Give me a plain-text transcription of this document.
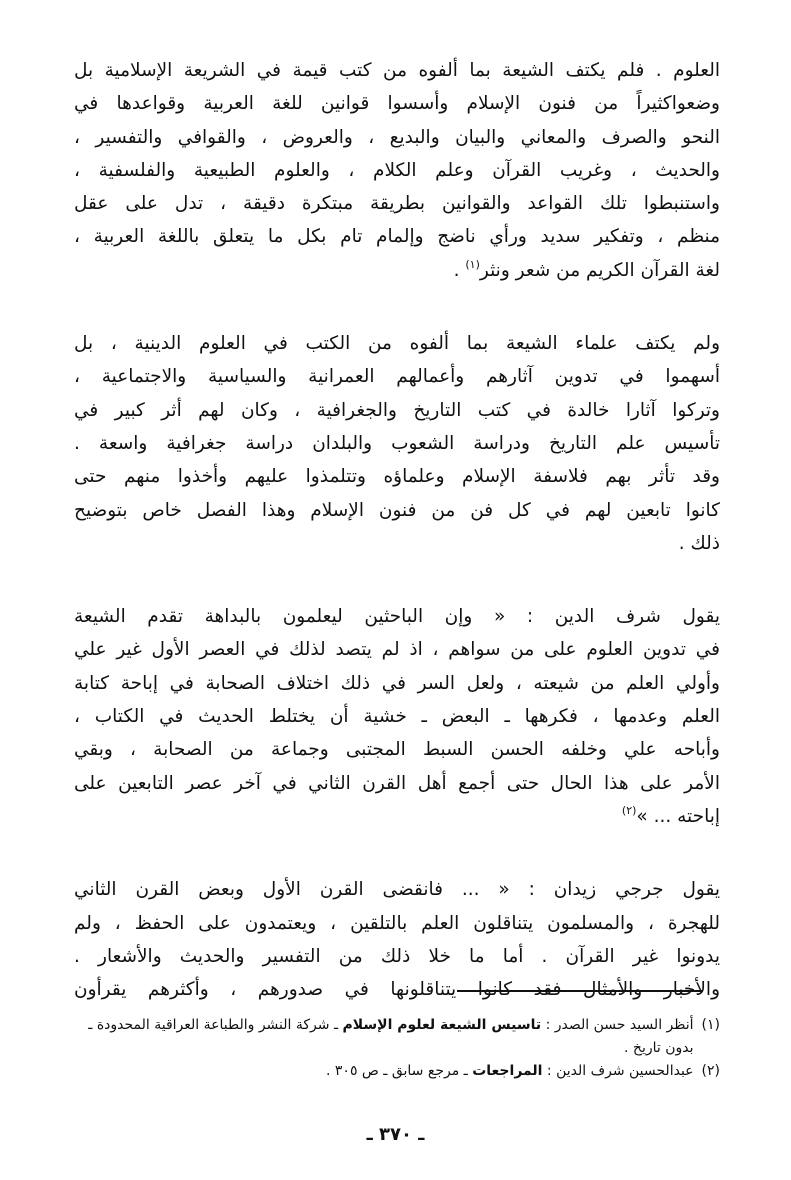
العلوم . فلم يكتف الشيعة بما ألفوه من كتب قيمة في الشريعة الإسلامية بل
وضعواكثيراً من فنون الإسلام وأسسوا قوانين للغة العربية وقواعدها في
النحو والصرف والمعاني والبيان والبديع ، والعروض ، والقوافي والتفسير ،
والحديث ، وغريب القرآن وعلم الكلام ، والعلوم الطبيعية والفلسفية ،
واستنبطوا تلك القواعد والقوانين بطريقة مبتكرة دقيقة ، تدل على عقل
منظم ، وتفكير سديد ورأي ناضج وإلمام تام بكل ما يتعلق باللغة العربية ،
لغة القرآن الكريم من شعر ونثر$^{(١)}$ .

ولم يكتف علماء الشيعة بما ألفوه من الكتب في العلوم الدينية ، بل
أسهموا في تدوين آثارهم وأعمالهم العمرانية والسياسية والاجتماعية ،
وتركوا آثارا خالدة في كتب التاريخ والجغرافية ، وكان لهم أثر كبير في
تأسيس علم التاريخ ودراسة الشعوب والبلدان دراسة جغرافية واسعة .
وقد تأثر بهم فلاسفة الإسلام وعلماؤه وتتلمذوا عليهم وأخذوا منهم حتى
كانوا تابعين لهم في كل فن من فنون الإسلام وهذا الفصل خاص بتوضيح
ذلك .

يقول شرف الدين : « وإن الباحثين ليعلمون بالبداهة تقدم الشيعة
في تدوين العلوم على من سواهم ، اذ لم يتصد لذلك في العصر الأول غير علي
وأولي العلم من شيعته ، ولعل السر في ذلك اختلاف الصحابة في إباحة كتابة
العلم وعدمها ، فكرهها ـ البعض ـ خشية أن يختلط الحديث في الكتاب ،
وأباحه علي وخلفه الحسن السبط المجتبى وجماعة من الصحابة ، وبقي
الأمر على هذا الحال حتى أجمع أهل القرن الثاني في آخر عصر التابعين على
إباحته ... »$^{(٢)}$

يقول جرجي زيدان : « ... فانقضى القرن الأول وبعض القرن الثاني
للهجرة ، والمسلمون يتناقلون العلم بالتلقين ، ويعتمدون على الحفظ ، ولم
يدونوا غير القرآن . أما ما خلا ذلك من التفسير والحديث والأشعار .
والأخبار والأمثال فقد كانوا يتناقلونها في صدورهم ، وأكثرهم يقرأون

(١)
أنظر السيد حسن الصدر : تاسيس الشيعة لعلوم الإسلام ـ شركة النشر والطباعة العراقية المحدودة ـ بدون تاريخ .
(٢)
عبدالحسين شرف الدين : المراجعات ـ مرجع سابق ـ ص ٣٠٥ .
ـ ٣٧٠ ـ
